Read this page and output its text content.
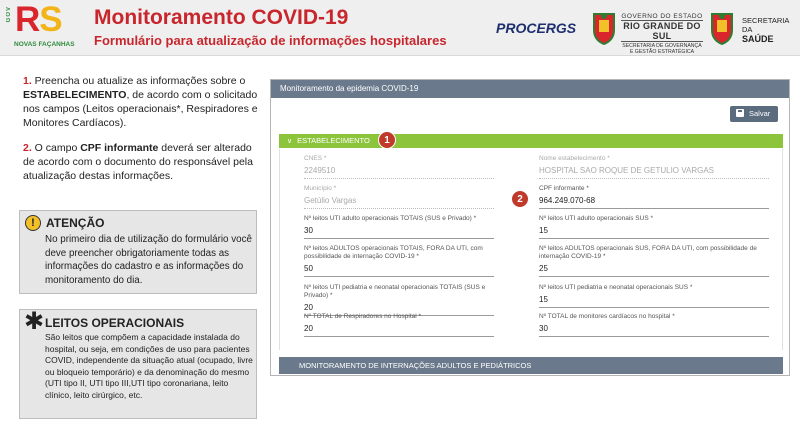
GOV RS
NOVAS FAÇANHAS
Monitoramento COVID-19
Formulário para atualização de informações hospitalares
PROCERGS
GOVERNO DO ESTADO
RIO GRANDE DO SUL
SECRETARIA DE GOVERNANÇA
E GESTÃO ESTRATÉGICA
SECRETARIA DA
SAÚDE

1. Preencha ou atualize as informações sobre o ESTABELECIMENTO, de acordo com o solicitado nos campos (Leitos operacionais*, Respiradores e Monitores Cardíacos).

2. O campo CPF informante deverá ser alterado de acordo com o documento do responsável pela atualização destas informações.

! ATENÇÃO
No primeiro dia de utilização do formulário você deve preencher obrigatoriamente todas as informações do cadastro e as informações do monitoramento do dia.
✱ LEITOS OPERACIONAIS
São leitos que compõem a capacidade instalada do hospital, ou seja, em condições de uso para pacientes COVID, independente da situação atual (ocupado, livre ou bloqueio temporário) e da denominação do mesmo (UTI tipo II, UTI tipo III,UTI tipo coronariana, leito clínico, leito cirúrgico, etc.
Monitoramento da epidemia COVID-19
Salvar
∨ ESTABELECIMENTO
CNES *
2249510
Nome estabelecimento *
HOSPITAL SAO ROQUE DE GETULIO VARGAS
Município *
Getúlio Vargas
CPF informante *
964.249.070-68
Nº leitos UTI adulto operacionais TOTAIS (SUS e Privado) *
30
Nº leitos UTI adulto operacionais SUS *
15
Nº leitos ADULTOS operacionais TOTAIS, FORA DA UTI, com possibilidade de internação COVID-19 *
50
Nº leitos ADULTOS operacionais SUS, FORA DA UTI, com possibilidade de internação COVID-19 *
25
Nº leitos UTI pediatria e neonatal operacionais TOTAIS (SUS e Privado) *
20
Nº leitos UTI pediatria e neonatal operacionais SUS *
15
Nº TOTAL de Respiradores no Hospital *
20
Nº TOTAL de monitores cardíacos no hospital *
30
MONITORAMENTO DE INTERNAÇÕES ADULTOS E PEDIÁTRICOS
1
2
